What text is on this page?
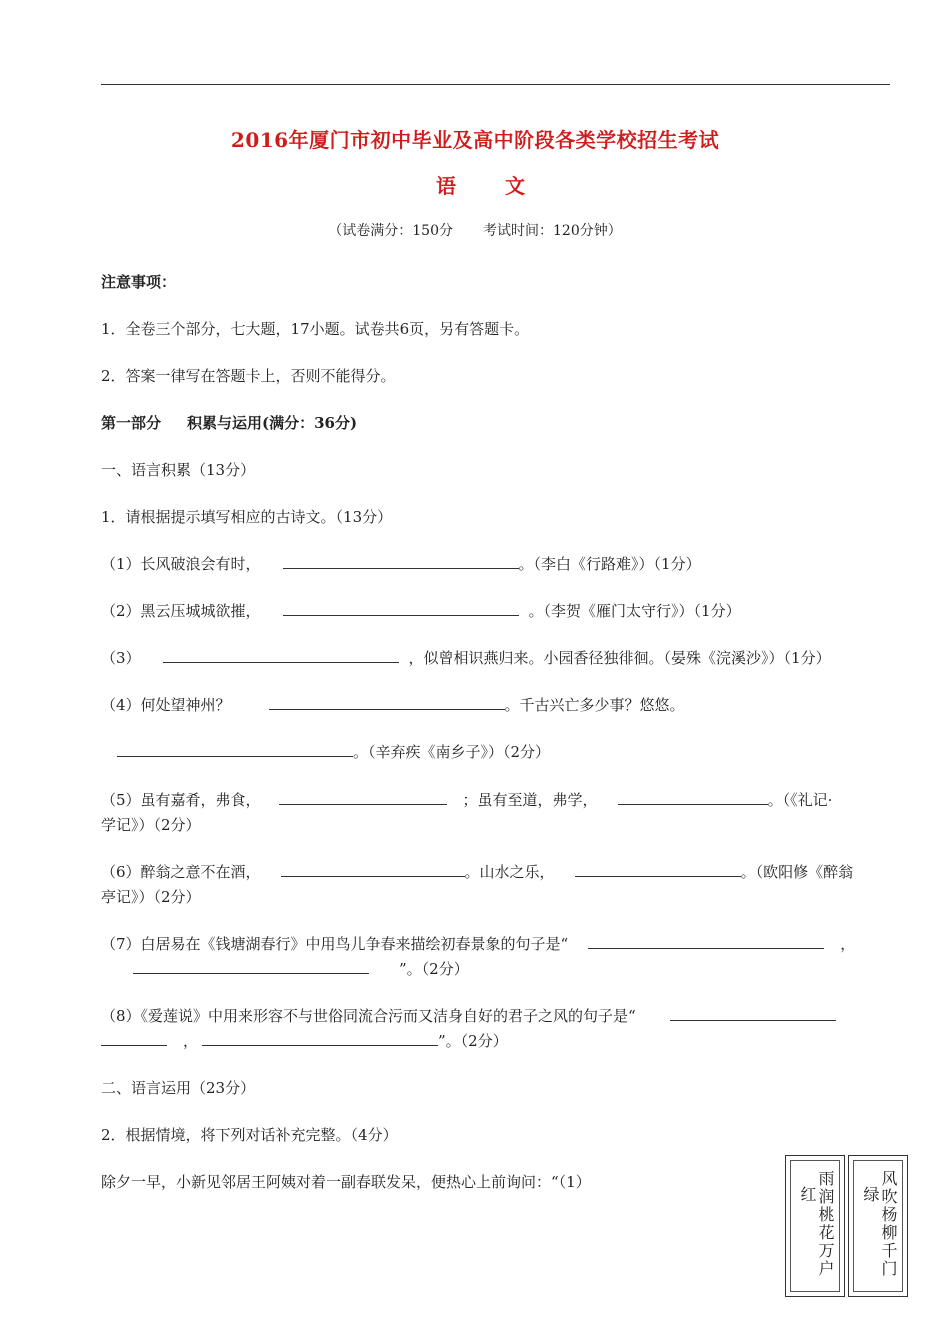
2016年厦门市初中毕业及高中阶段各类学校招生考试
语 文
（试卷满分：150分 考试时间：120分钟）
注意事项：
1．全卷三个部分，七大题，17小题。试卷共6页，另有答题卡。
2．答案一律写在答题卡上，否则不能得分。
第一部分 积累与运用(满分：36分)
一、语言积累（13分）
1．请根据提示填写相应的古诗文。（13分）
（1）长风破浪会有时，	。（李白《行路难》）（1分）
（2）黑云压城城欲摧，	。（李贺《雁门太守行》）（1分）
（3）	，似曾相识燕归来。小园香径独徘徊。（晏殊《浣溪沙》）（1分）
（4）何处望神州？	。千古兴亡多少事？悠悠。
。（辛弃疾《南乡子》）（2分）
（5）虽有嘉肴，弗食，	；虽有至道，弗学，	。（《礼记·
学记》）（2分）
（6）醉翁之意不在酒，	。山水之乐，	。（欧阳修《醉翁
亭记》）（2分）
（7）白居易在《钱塘湖春行》中用鸟儿争春来描绘初春景象的句子是“	，
”。（2分）
（8）《爱莲说》中用来形容不与世俗同流合污而又洁身自好的君子之风的句子是“
，	”。（2分）
二、语言运用（23分）
2．根据情境，将下列对话补充完整。（4分）
除夕一早，小新见邻居王阿姨对着一副春联发呆，便热心上前询问：“（1）	雨润桃花万户
红	风吹杨柳千门
绿
